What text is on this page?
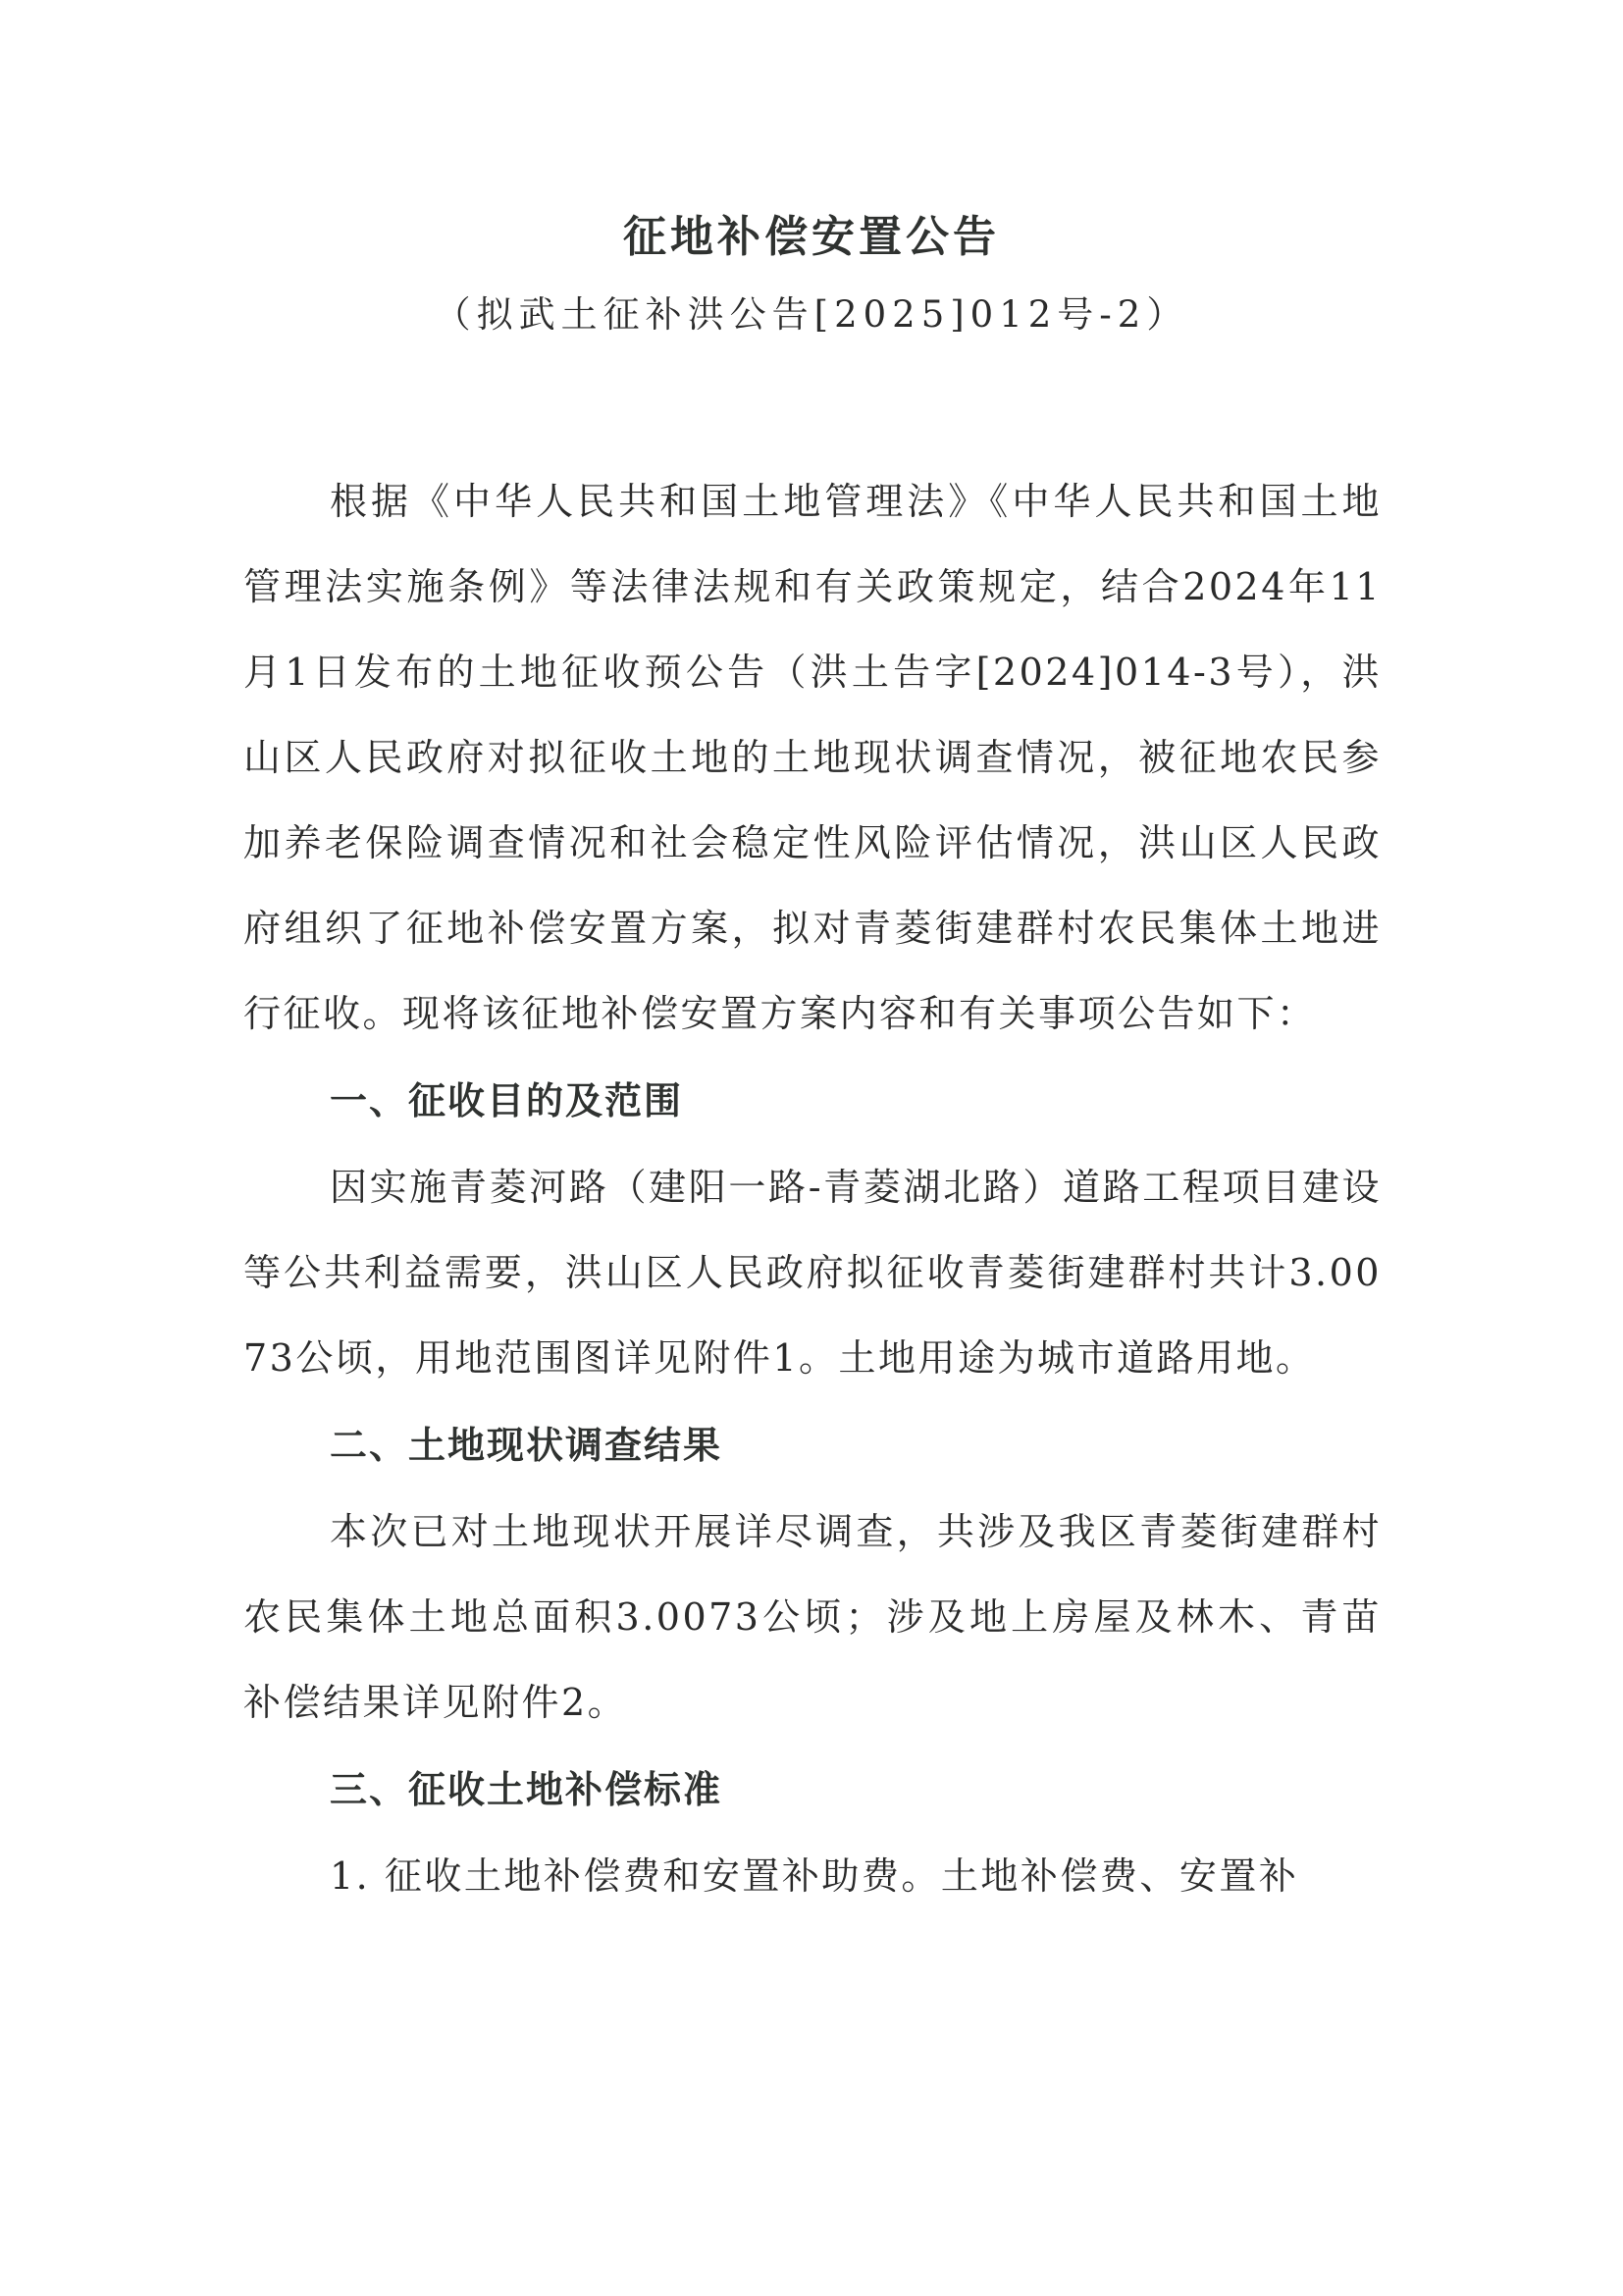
征地补偿安置公告
（拟武土征补洪公告[2025]012号-2）

根据《中华人民共和国土地管理法》《中华人民共和国土地管理法实施条例》等法律法规和有关政策规定，结合2024年11月1日发布的土地征收预公告（洪土告字[2024]014-3号），洪山区人民政府对拟征收土地的土地现状调查情况，被征地农民参加养老保险调查情况和社会稳定性风险评估情况，洪山区人民政府组织了征地补偿安置方案，拟对青菱街建群村农民集体土地进行征收。现将该征地补偿安置方案内容和有关事项公告如下：

一、征收目的及范围

因实施青菱河路（建阳一路-青菱湖北路）道路工程项目建设等公共利益需要，洪山区人民政府拟征收青菱街建群村共计3.0073公顷，用地范围图详见附件1。土地用途为城市道路用地。

二、土地现状调查结果

本次已对土地现状开展详尽调查，共涉及我区青菱街建群村农民集体土地总面积3.0073公顷；涉及地上房屋及林木、青苗补偿结果详见附件2。

三、征收土地补偿标准

1. 征收土地补偿费和安置补助费。土地补偿费、安置补
